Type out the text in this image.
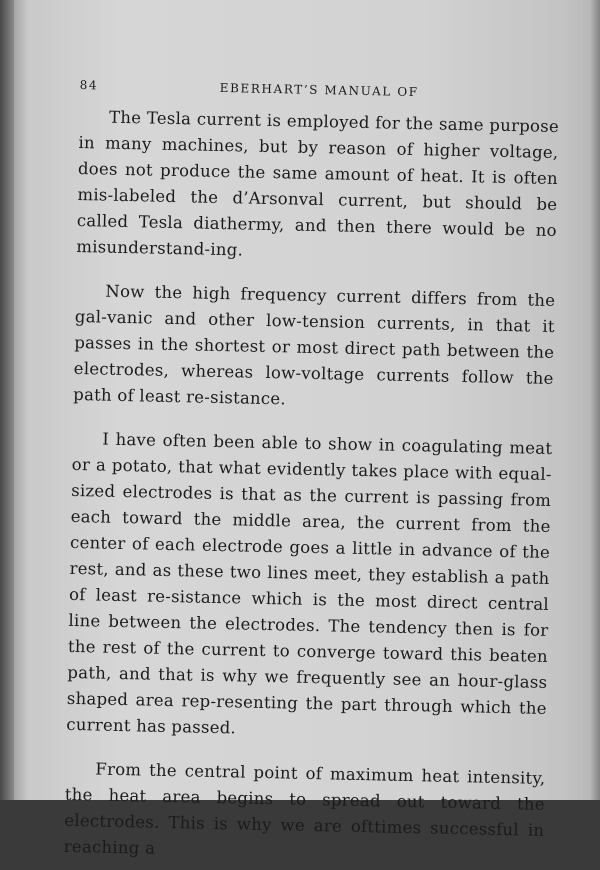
84	EBERHART’S MANUAL OF

The Tesla current is employed for the same purpose in many machines, but by reason of higher voltage, does not produce the same amount of heat. It is often mis-labeled the d’Arsonval current, but should be called Tesla diathermy, and then there would be no misunderstand-ing.

Now the high frequency current differs from the gal-vanic and other low-tension currents, in that it passes in the shortest or most direct path between the electrodes, whereas low-voltage currents follow the path of least re-sistance.

I have often been able to show in coagulating meat or a potato, that what evidently takes place with equal-sized electrodes is that as the current is passing from each toward the middle area, the current from the center of each electrode goes a little in advance of the rest, and as these two lines meet, they establish a path of least re-sistance which is the most direct central line between the electrodes. The tendency then is for the rest of the current to converge toward this beaten path, and that is why we frequently see an hour-glass shaped area rep-resenting the part through which the current has passed.

From the central point of maximum heat intensity, the heat area begins to spread out toward the electrodes. This is why we are ofttimes successful in reaching a
